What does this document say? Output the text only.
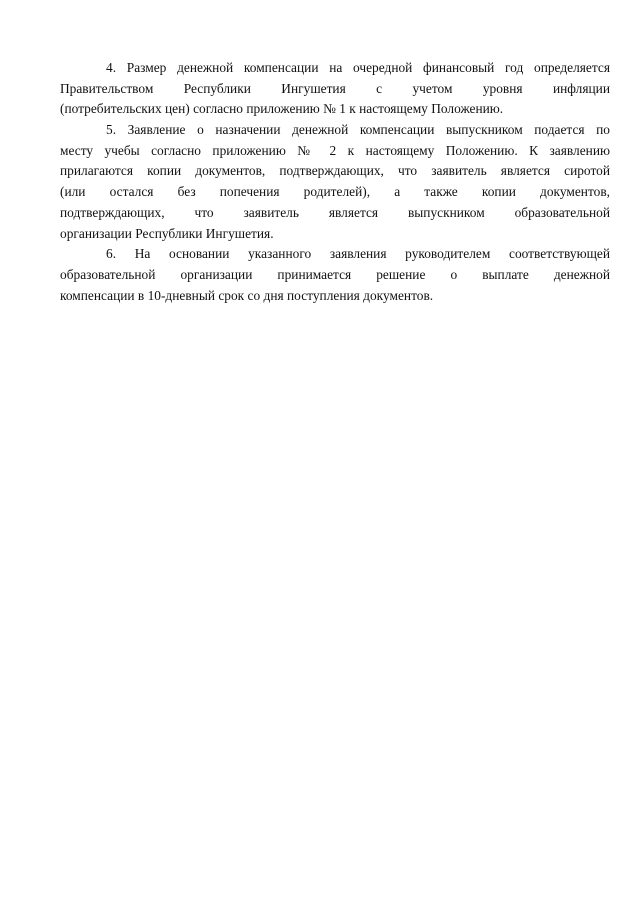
4. Размер денежной компенсации на очередной финансовый год определяется
Правительством Республики Ингушетия с учетом уровня инфляции
(потребительских цен) согласно приложению № 1 к настоящему Положению.

5. Заявление о назначении денежной компенсации выпускником подается по
месту учебы согласно приложению № 2 к настоящему Положению. К заявлению
прилагаются копии документов, подтверждающих, что заявитель является сиротой
(или остался без попечения родителей), а также копии документов,
подтверждающих, что заявитель является выпускником образовательной
организации Республики Ингушетия.

6. На основании указанного заявления руководителем соответствующей
образовательной организации принимается решение о выплате денежной
компенсации в 10-дневный срок со дня поступления документов.
